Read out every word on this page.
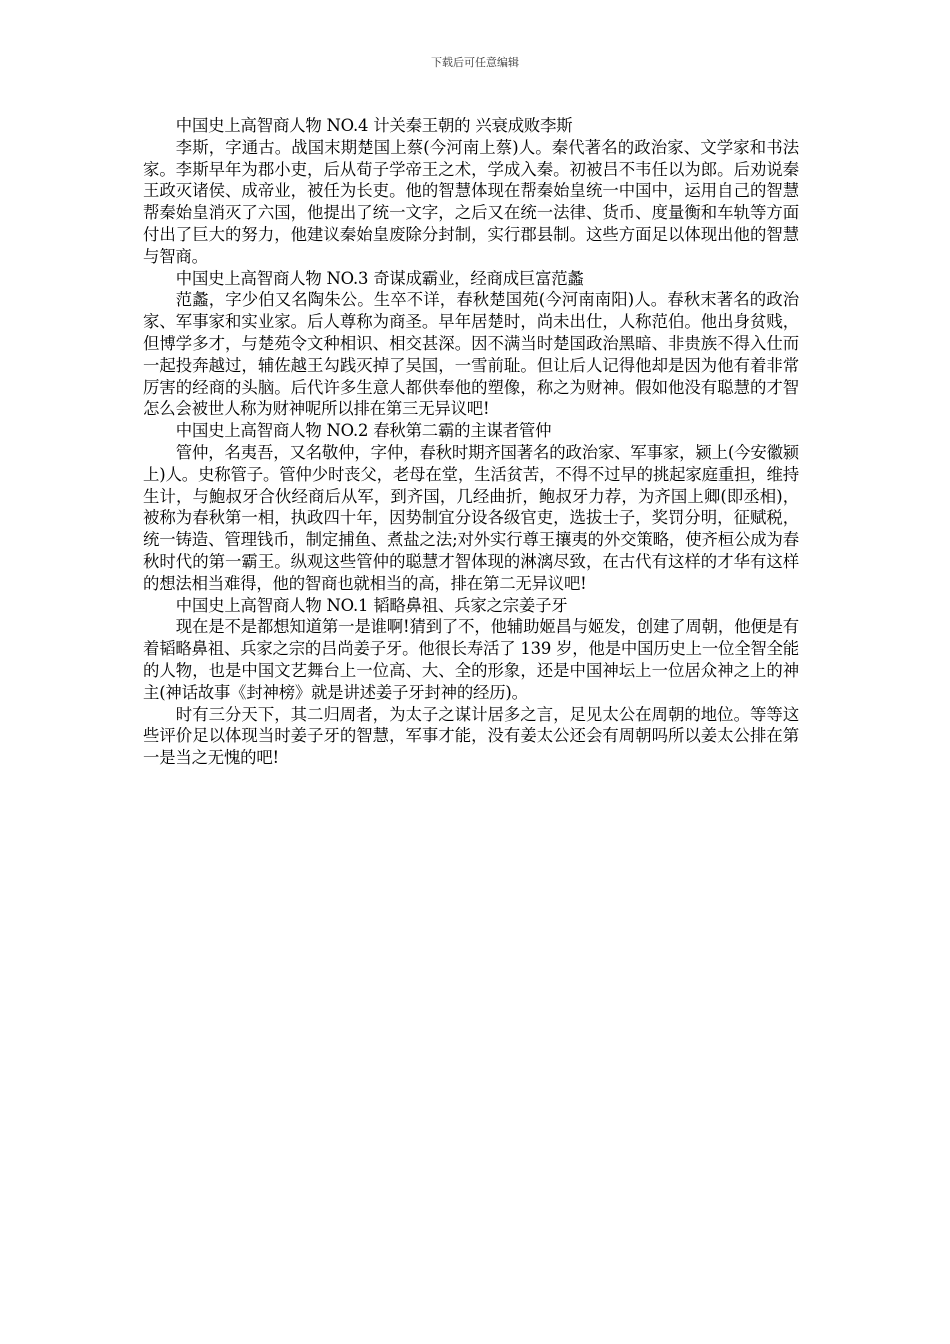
下载后可任意编辑

中国史上高智商人物 NO.4 计关秦王朝的 兴衰成败李斯

李斯，字通古。战国末期楚国上蔡(今河南上蔡)人。秦代著名的政治家、文学家和书法家。李斯早年为郡小吏，后从荀子学帝王之术，学成入秦。初被吕不韦任以为郎。后劝说秦王政灭诸侯、成帝业，被任为长吏。他的智慧体现在帮秦始皇统一中国中，运用自己的智慧帮秦始皇消灭了六国，他提出了统一文字，之后又在统一法律、货币、度量衡和车轨等方面付出了巨大的努力，他建议秦始皇废除分封制，实行郡县制。这些方面足以体现出他的智慧与智商。

中国史上高智商人物 NO.3 奇谋成霸业，经商成巨富范蠡

范蠡，字少伯又名陶朱公。生卒不详，春秋楚国苑(今河南南阳)人。春秋末著名的政治家、军事家和实业家。后人尊称为商圣。早年居楚时，尚未出仕，人称范伯。他出身贫贱，但博学多才，与楚苑令文种相识、相交甚深。因不满当时楚国政治黑暗、非贵族不得入仕而一起投奔越过，辅佐越王勾践灭掉了吴国，一雪前耻。但让后人记得他却是因为他有着非常厉害的经商的头脑。后代许多生意人都供奉他的塑像，称之为财神。假如他没有聪慧的才智怎么会被世人称为财神呢所以排在第三无异议吧!

中国史上高智商人物 NO.2 春秋第二霸的主谋者管仲

管仲，名夷吾，又名敬仲，字仲，春秋时期齐国著名的政治家、军事家，颍上(今安徽颍上)人。史称管子。管仲少时丧父，老母在堂，生活贫苦，不得不过早的挑起家庭重担，维持生计，与鮑叔牙合伙经商后从军，到齐国，几经曲折，鲍叔牙力荐，为齐国上卿(即丞相)，被称为春秋第一相，执政四十年，因势制宜分设各级官吏，选拔士子，奖罚分明，征赋税，统一铸造、管理钱币，制定捕鱼、煮盐之法;对外实行尊王攘夷的外交策略，使齐桓公成为春秋时代的第一霸王。纵观这些管仲的聪慧才智体现的淋漓尽致，在古代有这样的才华有这样的想法相当难得，他的智商也就相当的高，排在第二无异议吧!

中国史上高智商人物 NO.1 韬略鼻祖、兵家之宗姜子牙

现在是不是都想知道第一是谁啊!猜到了不，他辅助姬昌与姬发，创建了周朝，他便是有着韬略鼻祖、兵家之宗的吕尚姜子牙。他很长寿活了 139 岁，他是中国历史上一位全智全能的人物，也是中国文艺舞台上一位高、大、全的形象，还是中国神坛上一位居众神之上的神主(神话故事《封神榜》就是讲述姜子牙封神的经历)。

时有三分天下，其二归周者，为太子之谋计居多之言，足见太公在周朝的地位。等等这些评价足以体现当时姜子牙的智慧，军事才能，没有姜太公还会有周朝吗所以姜太公排在第一是当之无愧的吧!
